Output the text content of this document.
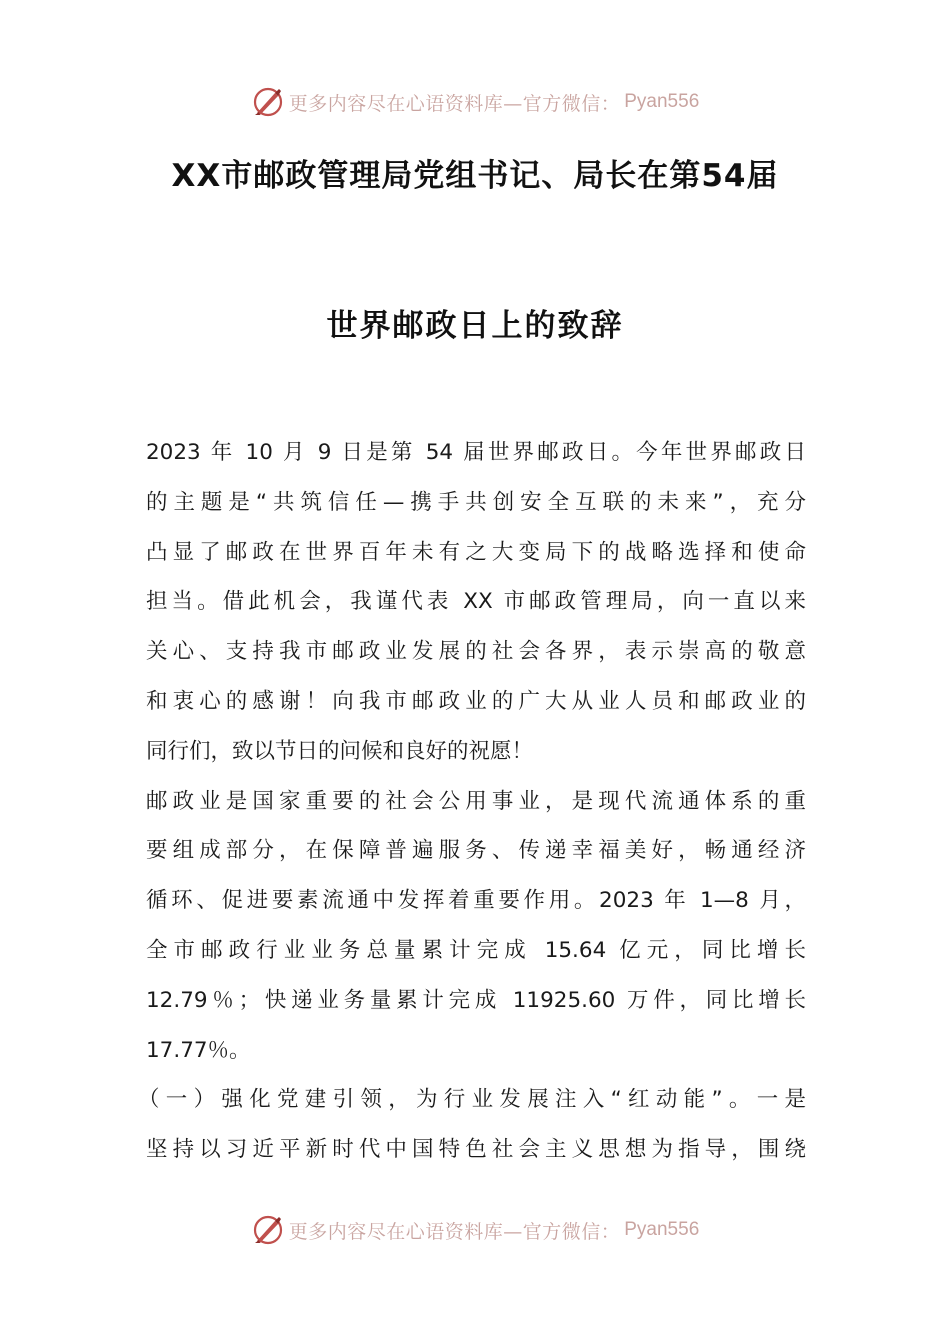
更多内容尽在心语资料库—官方微信： Pyan556
XX市邮政管理局党组书记、局长在第54届
世界邮政日上的致辞
2023 年 10 月 9 日是第 54 届世界邮政日。今年世界邮政日
的主题是“共筑信任—携手共创安全互联的未来”，充分
凸显了邮政在世界百年未有之大变局下的战略选择和使命
担当。借此机会，我谨代表 XX 市邮政管理局，向一直以来
关心、支持我市邮政业发展的社会各界，表示崇高的敬意
和衷心的感谢！向我市邮政业的广大从业人员和邮政业的
同行们，致以节日的问候和良好的祝愿！
邮政业是国家重要的社会公用事业，是现代流通体系的重
要组成部分，在保障普遍服务、传递幸福美好，畅通经济
循环、促进要素流通中发挥着重要作用。2023 年 1—8 月，
全市邮政行业业务总量累计完成 15.64 亿元，同比增长
12.79％；快递业务量累计完成 11925.60 万件，同比增长
17.77％。
（一）强化党建引领，为行业发展注入“红动能”。一是
坚持以习近平新时代中国特色社会主义思想为指导，围绕
更多内容尽在心语资料库—官方微信： Pyan556
